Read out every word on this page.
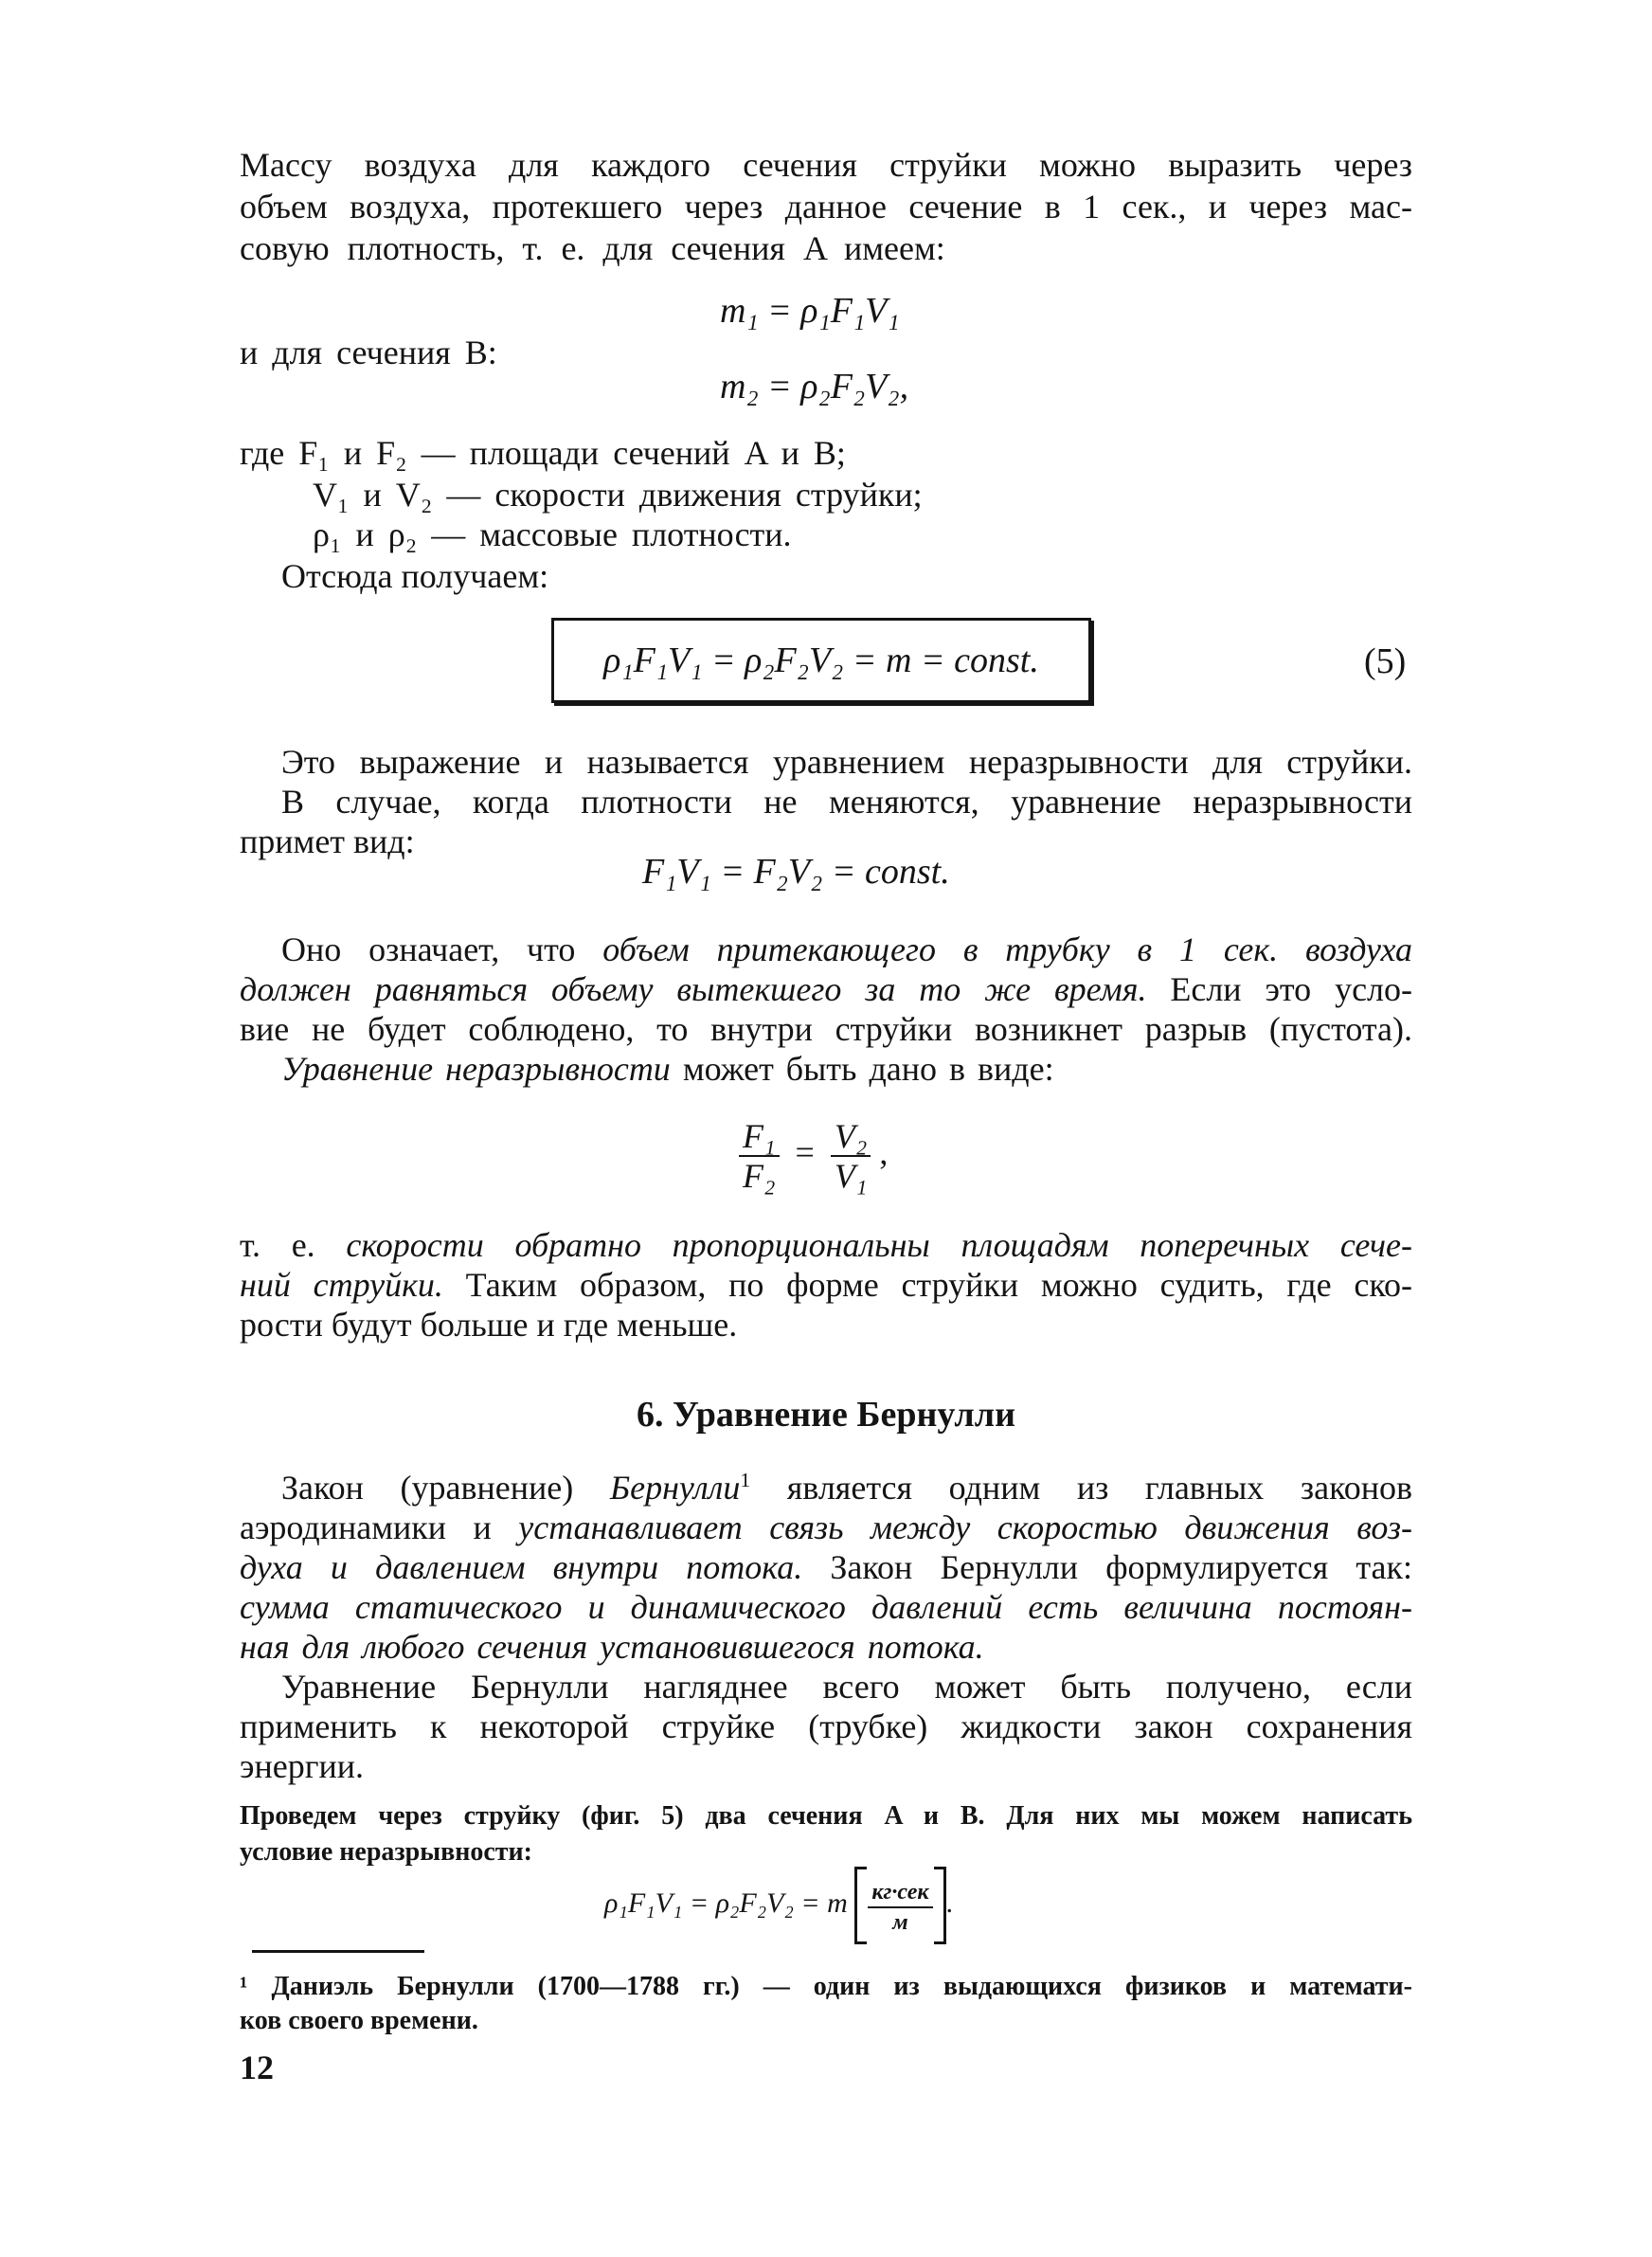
Массу воздуха для каждого сечения струйки можно выразить через
объем воздуха, протекшего через данное сечение в 1 сек., и через мас-
совую плотность, т. е. для сечения A имеем:
m₁ = ρ₁F₁V₁
и для сечения B:
m₂ = ρ₂F₂V₂,
где F₁ и F₂ — площади сечений A и B;
V₁ и V₂ — скорости движения струйки;
ρ₁ и ρ₂ — массовые плотности.
Отсюда получаем:
ρ₁F₁V₁ = ρ₂F₂V₂ = m = const.	(5)
Это выражение и называется уравнением неразрывности для струйки.
В случае, когда плотности не меняются, уравнение неразрывности
примет вид:
F₁V₁ = F₂V₂ = const.
Оно означает, что объем притекающего в трубку в 1 сек. воздуха
должен равняться объему вытекшего за то же время. Если это усло-
вие не будет соблюдено, то внутри струйки возникнет разрыв (пустота).
Уравнение неразрывности может быть дано в виде:
$\frac{\text{F₁}}{\text{F₂}} = \frac{\text{V₂}}{\text{V₁}}$ ,
т. е. скорости обратно пропорциональны площадям поперечных сече-
ний струйки. Таким образом, по форме струйки можно судить, где ско-
рости будут больше и где меньше.
6. Уравнение Бернулли
Закон (уравнение) Бернулли$^1$ является одним из главных законов
аэродинамики и устанавливает связь между скоростью движения воз-
духа и давлением внутри потока. Закон Бернулли формулируется так:
сумма статического и динамического давлений есть величина постоян-
ная для любого сечения установившегося потока.
Уравнение Бернулли нагляднее всего может быть получено, если
применить к некоторой струйке (трубке) жидкости закон сохранения
энергии.
Проведем через струйку (фиг. 5) два сечения A и B. Для них мы можем написать
условие неразрывности:
ρ₁F₁V₁ = ρ₂F₂V₂ = m $\frac{\text{кг·сек}}{м}$ .
¹ Даниэль Бернулли (1700—1788 гг.) — один из выдающихся физиков и математи-
ков своего времени.
12
